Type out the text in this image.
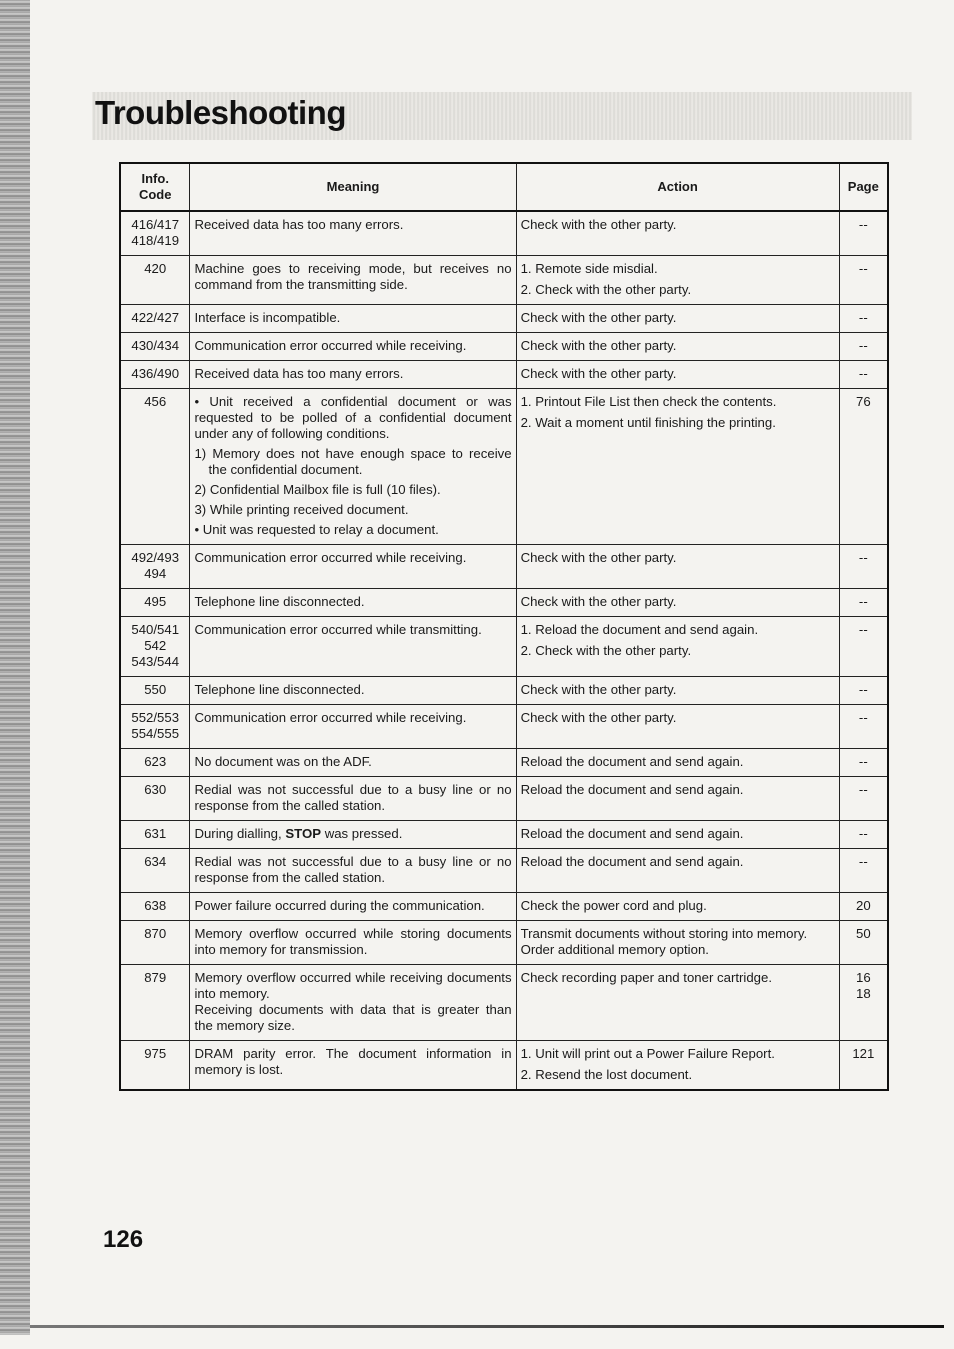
Troubleshooting
Info.
Code	Meaning	Action	Page

416/417
418/419	Received data has too many errors.	Check with the other party.	--

420	Machine goes to receiving mode, but receives no command from the transmitting side.	1. Remote side misdial.
2. Check with the other party.	--

422/427	Interface is incompatible.	Check with the other party.	--

430/434	Communication error occurred while receiving.	Check with the other party.	--

436/490	Received data has too many errors.	Check with the other party.	--

456	• Unit received a confidential document or was requested to be polled of a confidential document under any of following conditions.
1) Memory does not have enough space to receive the confidential document.
2) Confidential Mailbox file is full (10 files).
3) While printing received document.
• Unit was requested to relay a document.	1. Printout File List then check the contents.
2. Wait a moment until finishing the printing.	76

492/493
494	Communication error occurred while receiving.	Check with the other party.	--

495	Telephone line disconnected.	Check with the other party.	--

540/541
542
543/544	Communication error occurred while transmitting.	1. Reload the document and send again.
2. Check with the other party.	--

550	Telephone line disconnected.	Check with the other party.	--

552/553
554/555	Communication error occurred while receiving.	Check with the other party.	--

623	No document was on the ADF.	Reload the document and send again.	--

630	Redial was not successful due to a busy line or no response from the called station.	Reload the document and send again.	--

631	During dialling, STOP was pressed.	Reload the document and send again.	--

634	Redial was not successful due to a busy line or no response from the called station.	Reload the document and send again.	--

638	Power failure occurred during the communication.	Check the power cord and plug.	20

870	Memory overflow occurred while storing documents into memory for transmission.	Transmit documents without storing into memory.
Order additional memory option.	50

879	Memory overflow occurred while receiving documents into memory.
Receiving documents with data that is greater than the memory size.	Check recording paper and toner cartridge.	16
18

975	DRAM parity error. The document information in memory is lost.	1. Unit will print out a Power Failure Report.
2. Resend the lost document.	121

126
